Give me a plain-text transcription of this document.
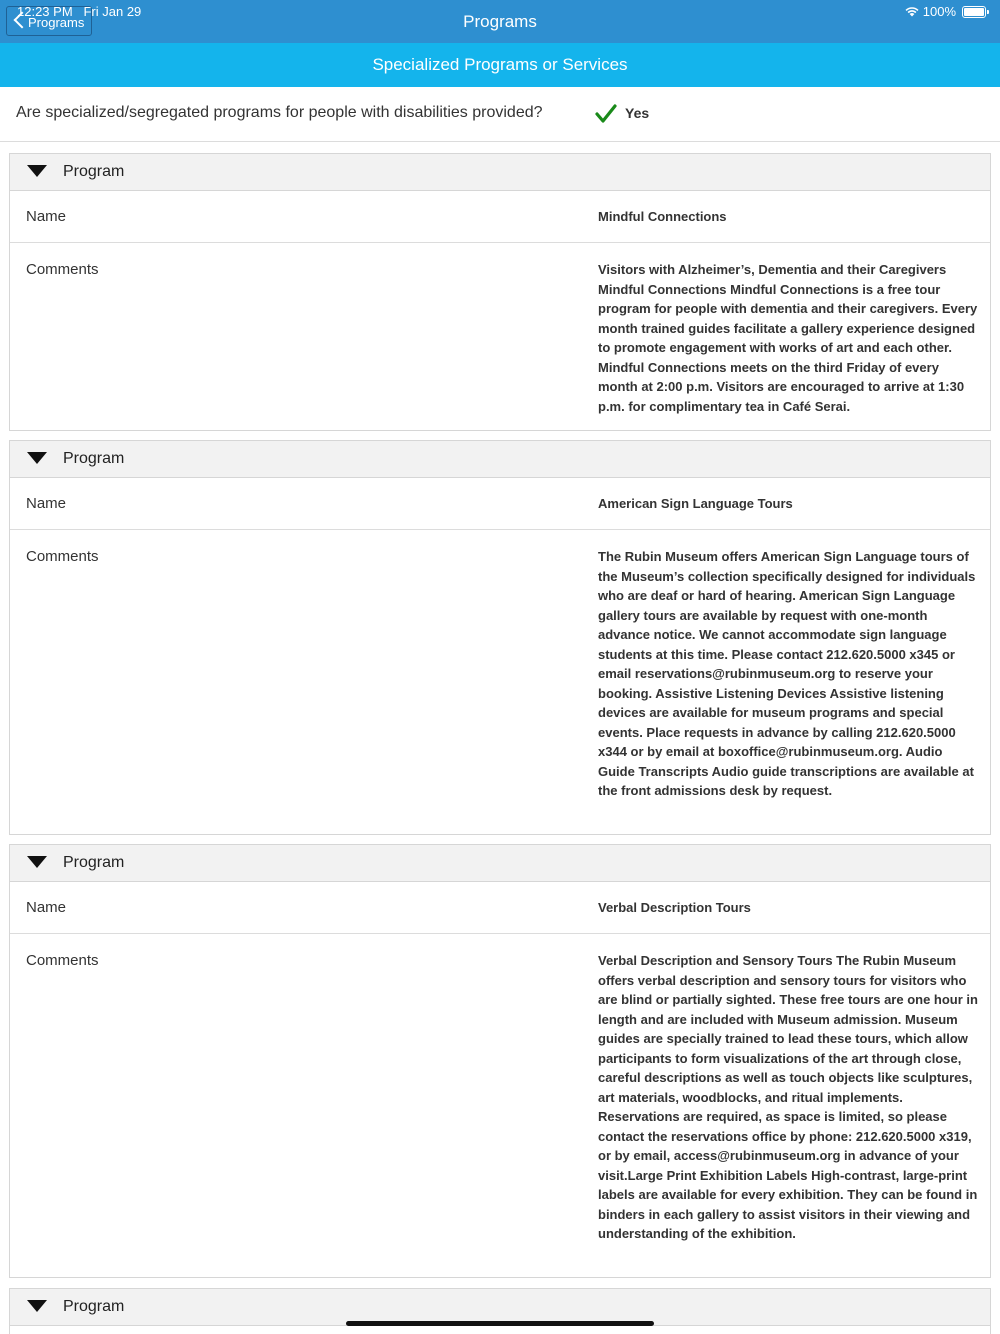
12:23 PM   Fri Jan 29	100%
Programs	Programs
Specialized Programs or Services
Are specialized/segregated programs for people with disabilities provided?	Yes
Program
Name	Mindful Connections
Comments	Visitors with Alzheimer’s, Dementia and their Caregivers Mindful Connections Mindful Connections is a free tour program for people with dementia and their caregivers. Every month trained guides facilitate a gallery experience designed to promote engagement with works of art and each other. Mindful Connections meets on the third Friday of every month at 2:00 p.m. Visitors are encouraged to arrive at 1:30 p.m. for complimentary tea in Café Serai.
Program
Name	American Sign Language Tours
Comments	The Rubin Museum offers American Sign Language tours of the Museum’s collection specifically designed for individuals who are deaf or hard of hearing. American Sign Language gallery tours are available by request with one-month advance notice. We cannot accommodate sign language students at this time. Please contact 212.620.5000 x345 or email reservations@rubinmuseum.org to reserve your booking. Assistive Listening Devices Assistive listening devices are available for museum programs and special events. Place requests in advance by calling 212.620.5000 x344 or by email at boxoffice@rubinmuseum.org. Audio Guide Transcripts Audio guide transcriptions are available at the front admissions desk by request.
Program
Name	Verbal Description Tours
Comments	Verbal Description and Sensory Tours The Rubin Museum offers verbal description and sensory tours for visitors who are blind or partially sighted. These free tours are one hour in length and are included with Museum admission. Museum guides are specially trained to lead these tours, which allow participants to form visualizations of the art through close, careful descriptions as well as touch objects like sculptures, art materials, woodblocks, and ritual implements. Reservations are required, as space is limited, so please contact the reservations office by phone: 212.620.5000 x319, or by email, access@rubinmuseum.org in advance of your visit.Large Print Exhibition Labels High-contrast, large-print labels are available for every exhibition. They can be found in binders in each gallery to assist visitors in their viewing and understanding of the exhibition.
Program
